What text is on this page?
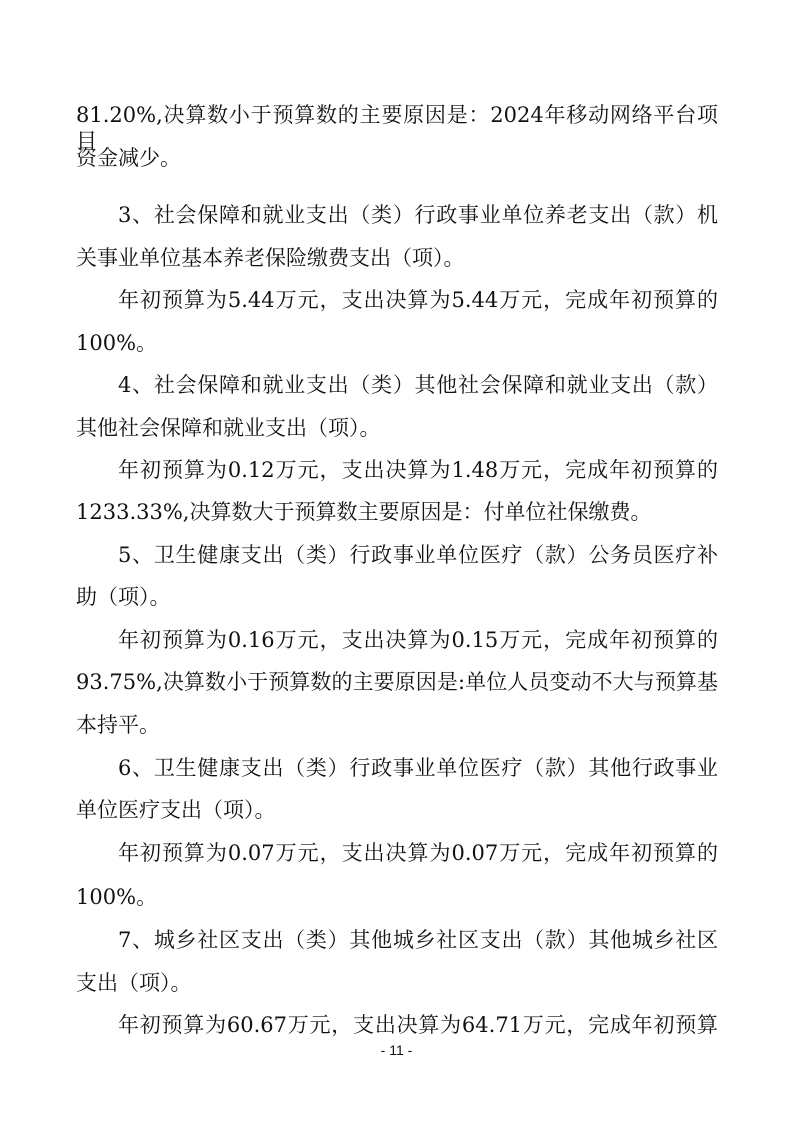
81.20%,决算数小于预算数的主要原因是：2024年移动网络平台项目
资金减少。
3、社会保障和就业支出（类）行政事业单位养老支出（款）机
关事业单位基本养老保险缴费支出（项）。
年初预算为5.44万元，支出决算为5.44万元，完成年初预算的
100%。
4、社会保障和就业支出（类）其他社会保障和就业支出（款）
其他社会保障和就业支出（项）。
年初预算为0.12万元，支出决算为1.48万元，完成年初预算的
1233.33%,决算数大于预算数主要原因是：付单位社保缴费。
5、卫生健康支出（类）行政事业单位医疗（款）公务员医疗补
助（项）。
年初预算为0.16万元，支出决算为0.15万元，完成年初预算的
93.75%,决算数小于预算数的主要原因是:单位人员变动不大与预算基
本持平。
6、卫生健康支出（类）行政事业单位医疗（款）其他行政事业
单位医疗支出（项）。
年初预算为0.07万元，支出决算为0.07万元，完成年初预算的
100%。
7、城乡社区支出（类）其他城乡社区支出（款）其他城乡社区
支出（项）。
年初预算为60.67万元，支出决算为64.71万元，完成年初预算
- 11 -
